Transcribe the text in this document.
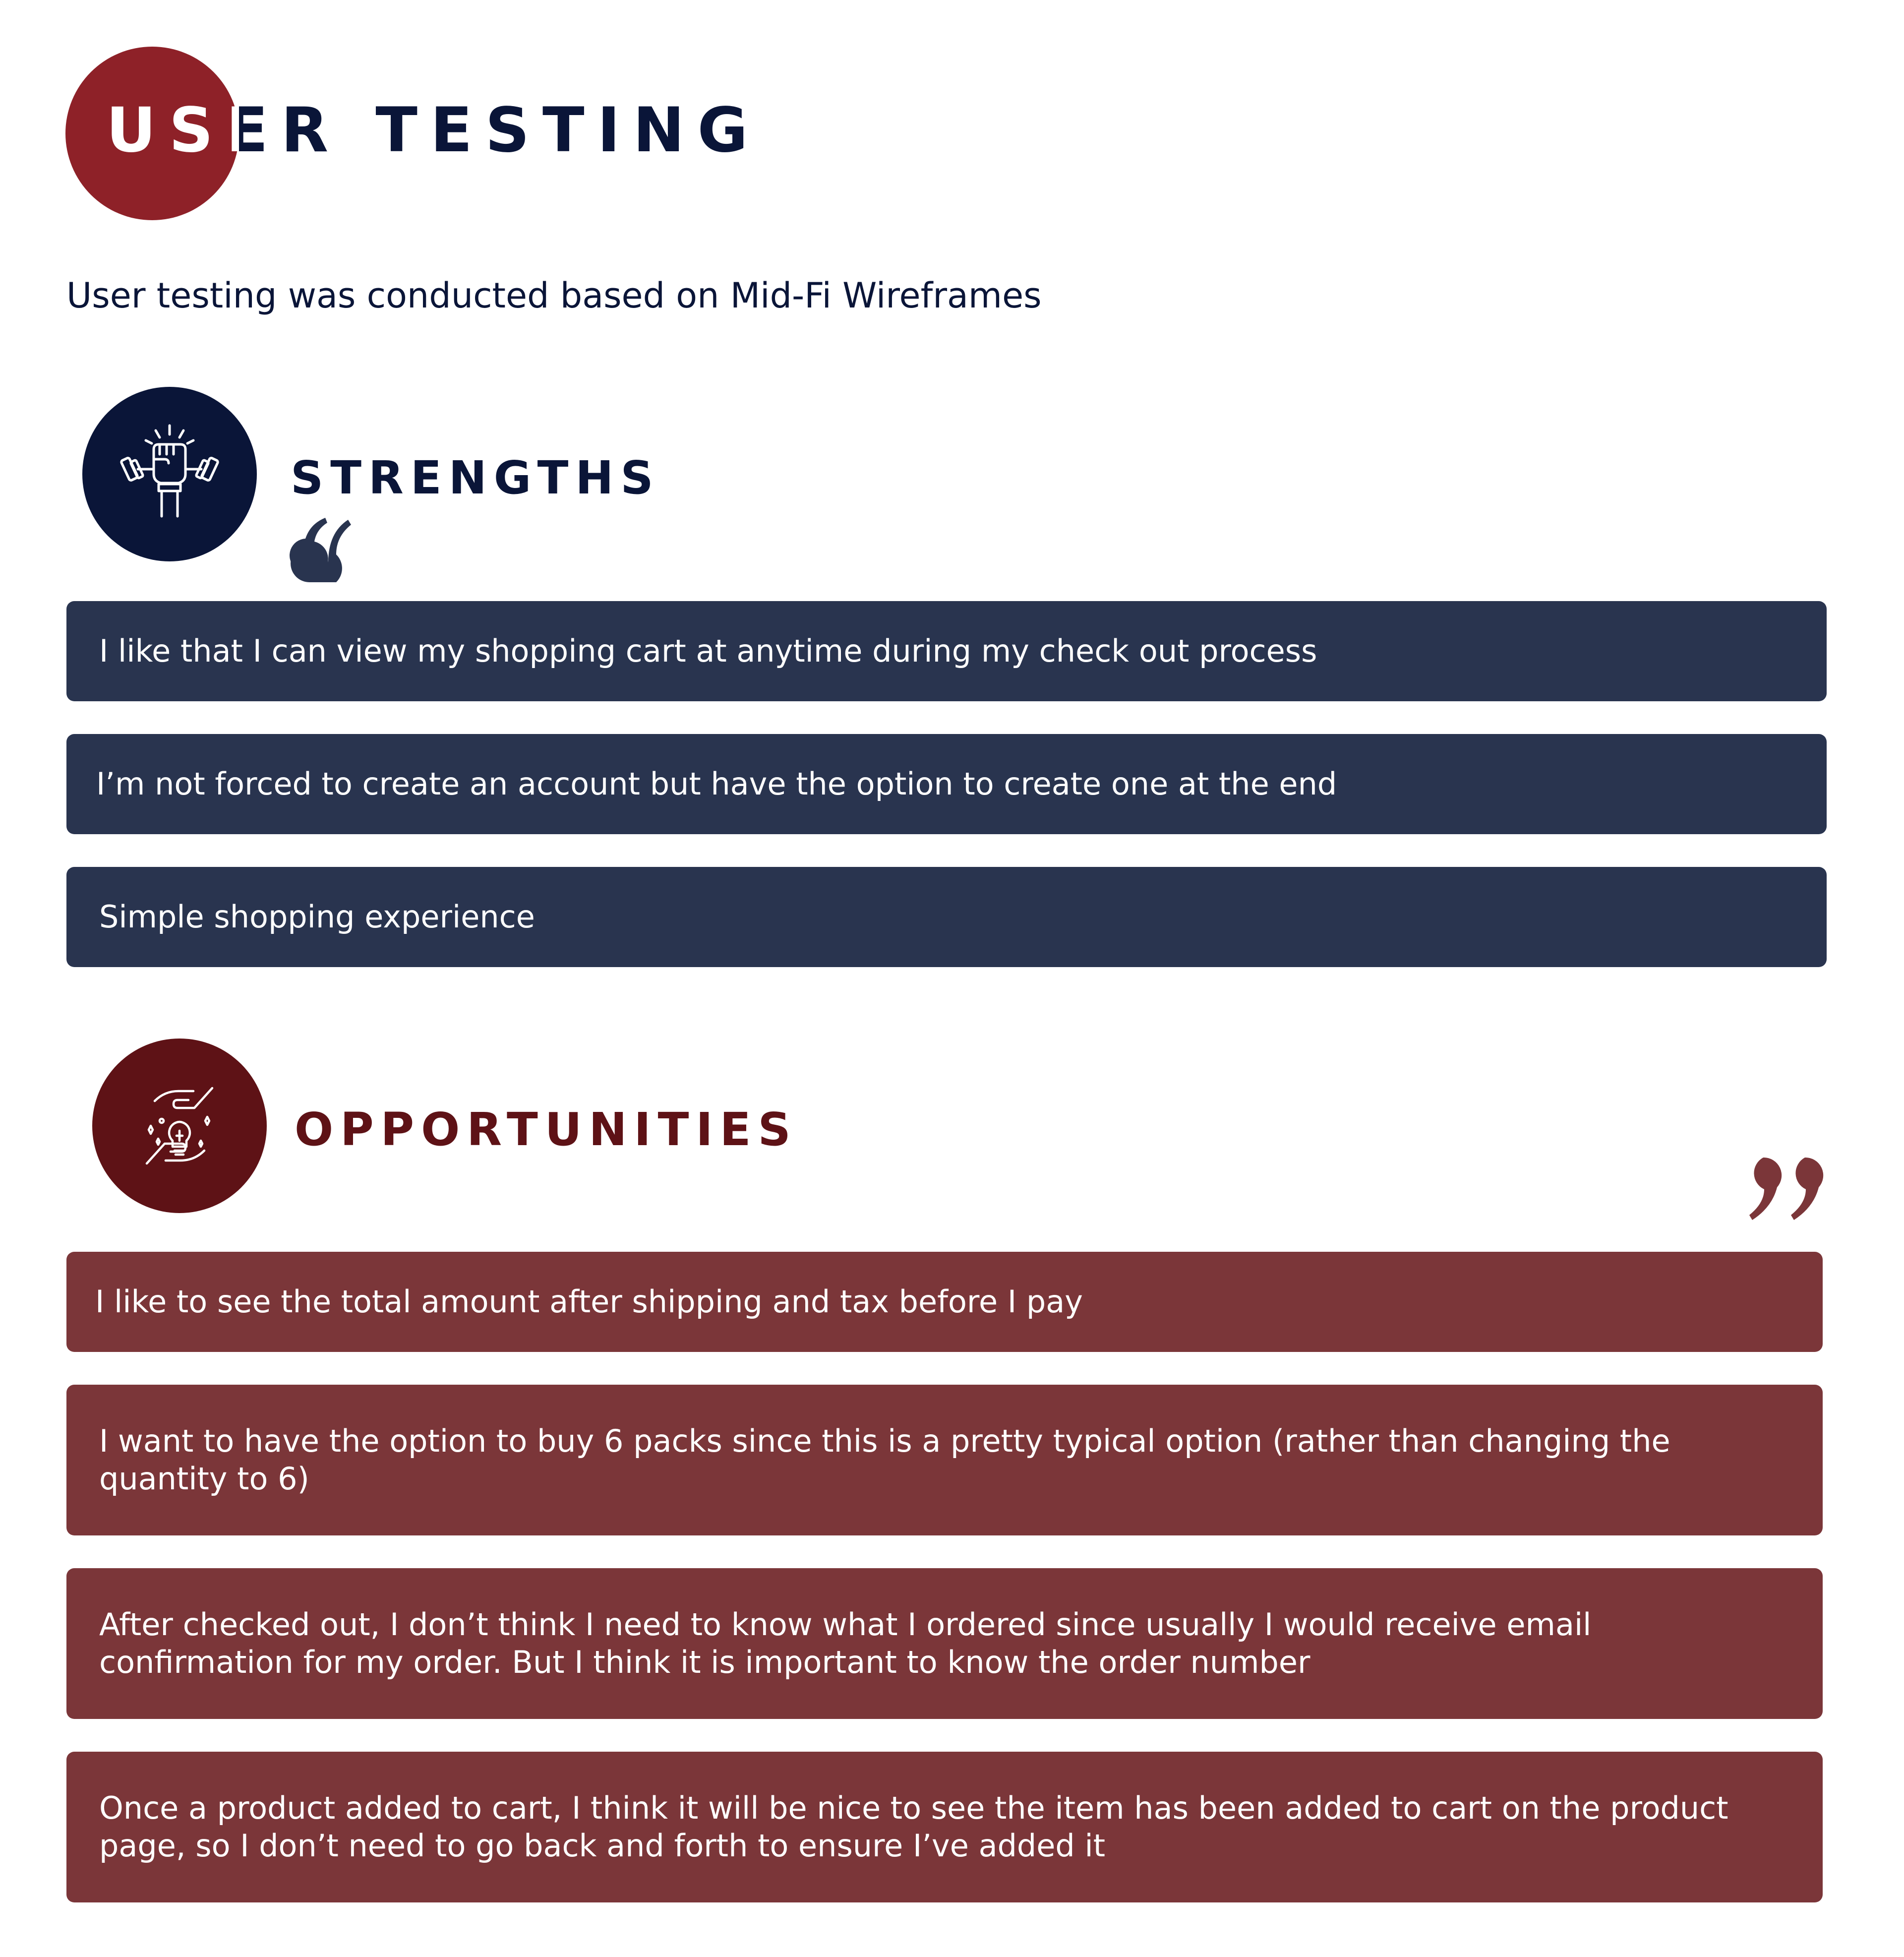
USER TESTING

User testing was conducted based on Mid-Fi Wireframes

STRENGTHS

I like that I can view my shopping cart at anytime during my check out process

I’m not forced to create an account but have the option to create one at the end

Simple shopping experience

OPPORTUNITIES

I like to see the total amount after shipping and tax before I pay

I want to have the option to buy 6 packs since this is a pretty typical option (rather than changing the quantity to 6)

After checked out, I don’t think I need to know what I ordered since usually I would receive email confirmation for my order. But I think it is important to know the order number

Once a product added to cart, I think it will be nice to see the item has been added to cart on the product page, so I don’t need to go back and forth to ensure I’ve added it
